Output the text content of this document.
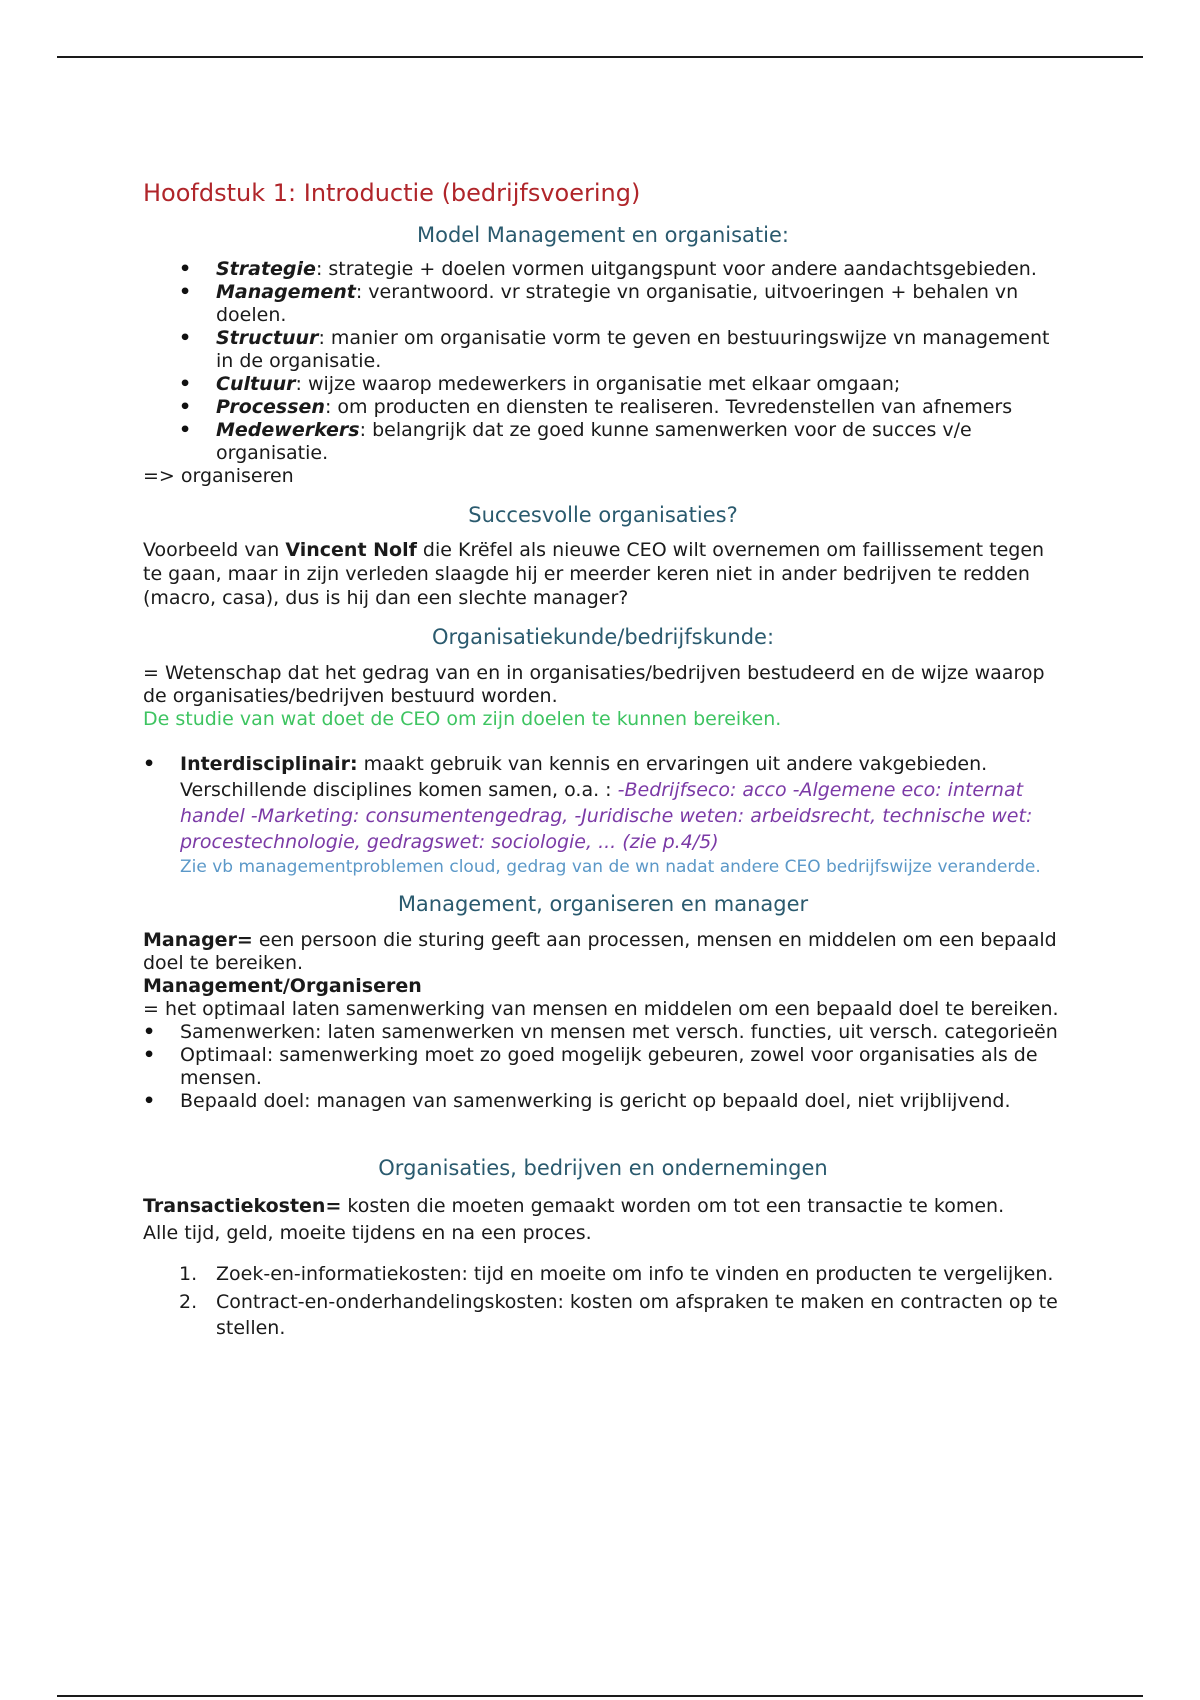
Hoofdstuk 1: Introductie (bedrijfsvoering)
Model Management en organisatie:
• Strategie: strategie + doelen vormen uitgangspunt voor andere aandachtsgebieden.
• Management: verantwoord. vr strategie vn organisatie, uitvoeringen + behalen vn doelen.
• Structuur: manier om organisatie vorm te geven en bestuuringswijze vn management in de organisatie.
• Cultuur: wijze waarop medewerkers in organisatie met elkaar omgaan;
• Processen: om producten en diensten te realiseren. Tevredenstellen van afnemers
• Medewerkers: belangrijk dat ze goed kunne samenwerken voor de succes v/e organisatie.

=> organiseren

Succesvolle organisaties?

Voorbeeld van Vincent Nolf die Krëfel als nieuwe CEO wilt overnemen om faillissement tegen te gaan, maar in zijn verleden slaagde hij er meerder keren niet in ander bedrijven te redden (macro, casa), dus is hij dan een slechte manager?

Organisatiekunde/bedrijfskunde:

= Wetenschap dat het gedrag van en in organisaties/bedrijven bestudeerd en de wijze waarop de organisaties/bedrijven bestuurd worden.

De studie van wat doet de CEO om zijn doelen te kunnen bereiken.

• Interdisciplinair: maakt gebruik van kennis en ervaringen uit andere vakgebieden. Verschillende disciplines komen samen, o.a. : -Bedrijfseco: acco -Algemene eco: internat handel -Marketing: consumentengedrag, -Juridische weten: arbeidsrecht, technische wet: procestechnologie, gedragswet: sociologie, ... (zie p.4/5)
Zie vb managementproblemen cloud, gedrag van de wn nadat andere CEO bedrijfswijze veranderde.
Management, organiseren en manager

Manager= een persoon die sturing geeft aan processen, mensen en middelen om een bepaald doel te bereiken.

Management/Organiseren

= het optimaal laten samenwerking van mensen en middelen om een bepaald doel te bereiken.

• Samenwerken: laten samenwerken vn mensen met versch. functies, uit versch. categorieën
• Optimaal: samenwerking moet zo goed mogelijk gebeuren, zowel voor organisaties als de mensen.
• Bepaald doel: managen van samenwerking is gericht op bepaald doel, niet vrijblijvend.
Organisaties, bedrijven en ondernemingen

Transactiekosten= kosten die moeten gemaakt worden om tot een transactie te komen.

Alle tijd, geld, moeite tijdens en na een proces.

1. Zoek-en-informatiekosten: tijd en moeite om info te vinden en producten te vergelijken.
2. Contract-en-onderhandelingskosten: kosten om afspraken te maken en contracten op te stellen.
